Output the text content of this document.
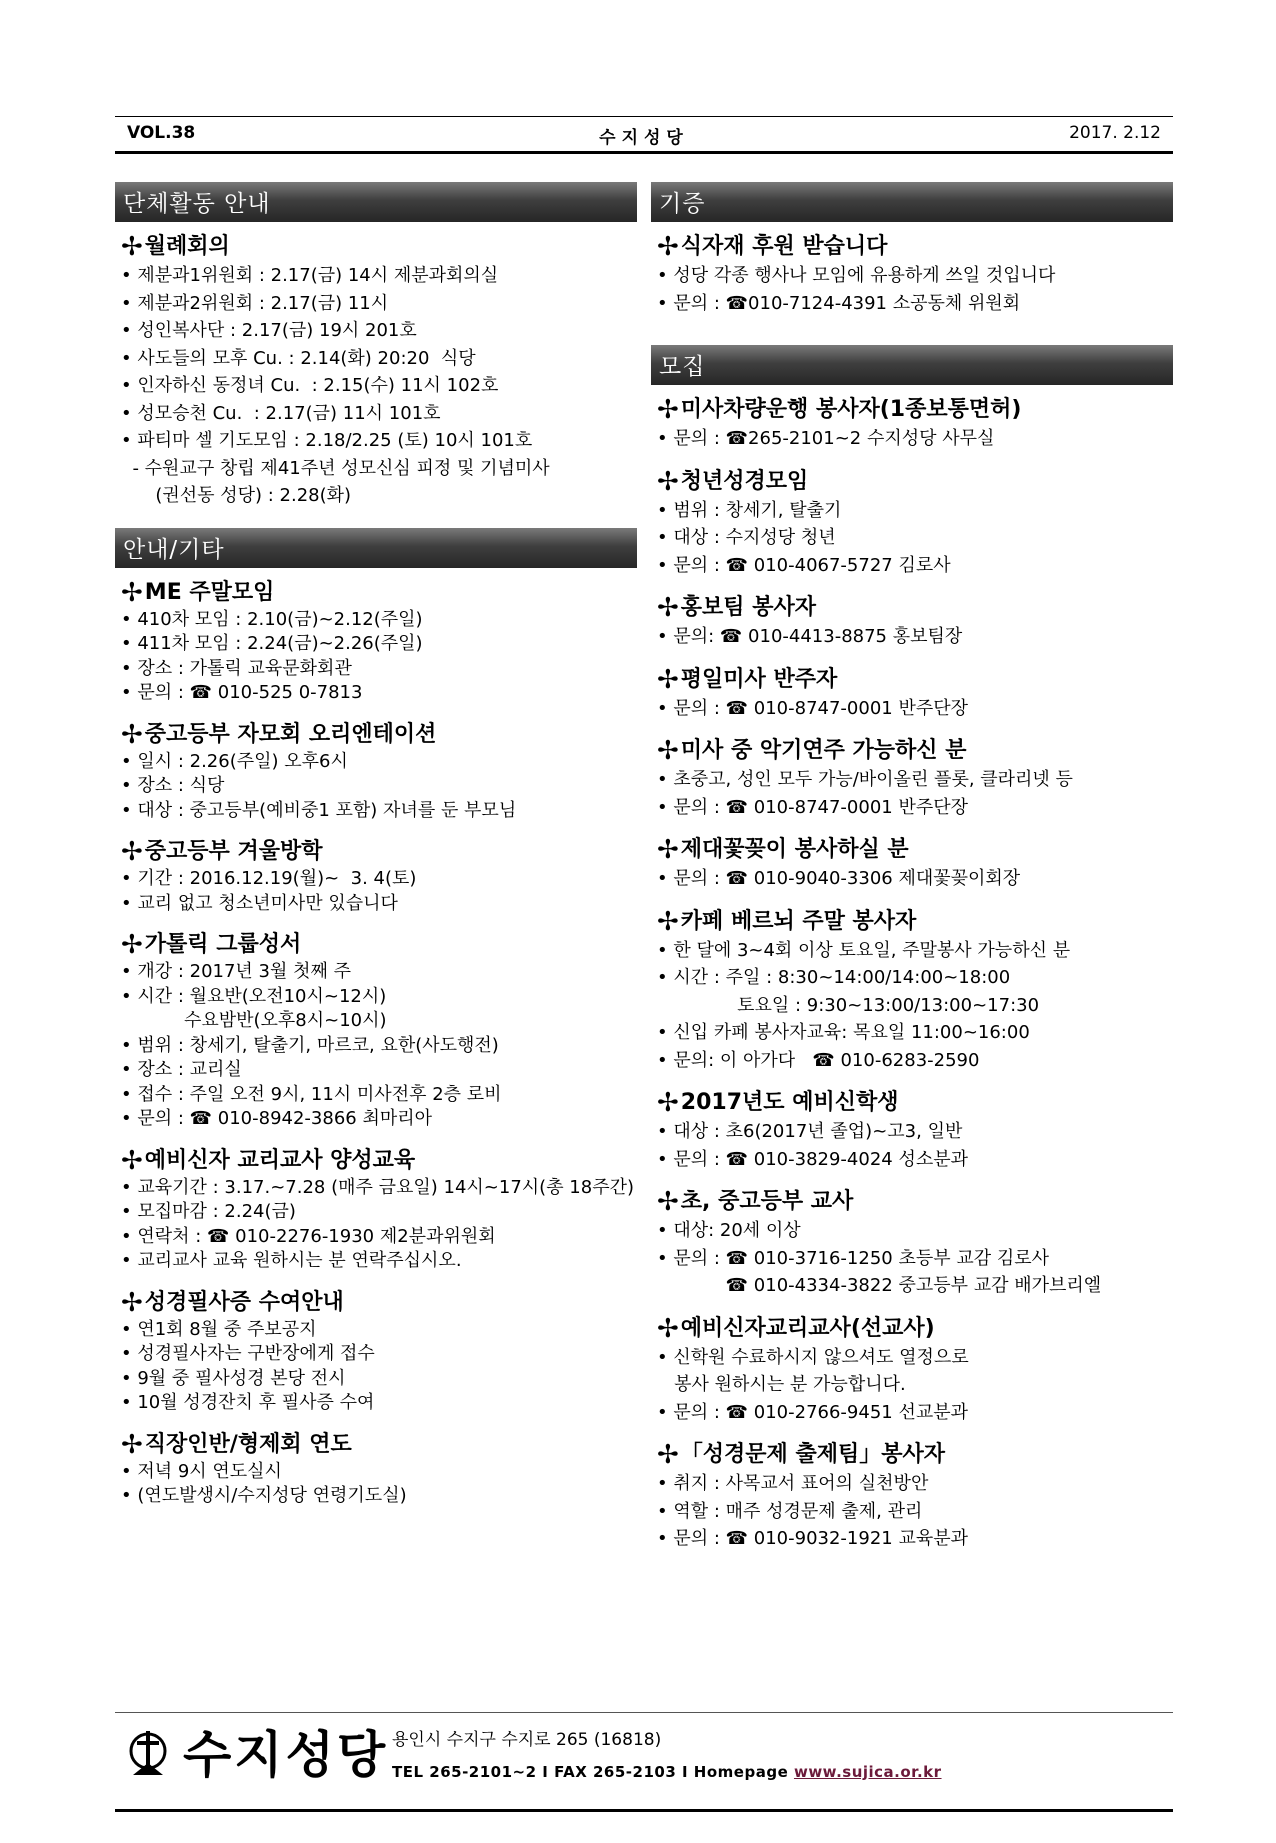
VOL.38	수지성당	2017. 2.12
단체활동 안내
✢ 월례회의
• 제분과1위원회 : 2.17(금) 14시 제분과회의실
• 제분과2위원회 : 2.17(금) 11시
• 성인복사단 : 2.17(금) 19시 201호
• 사도들의 모후 Cu. : 2.14(화) 20:20  식당
• 인자하신 동정녀 Cu.  : 2.15(수) 11시 102호
• 성모승천 Cu.  : 2.17(금) 11시 101호
• 파티마 셀 기도모임 : 2.18/2.25 (토) 10시 101호
- 수원교구 창립 제41주년 성모신심 피정 및 기념미사
(권선동 성당) : 2.28(화)
안내/기타
✢ ME 주말모임
• 410차 모임 : 2.10(금)~2.12(주일)
• 411차 모임 : 2.24(금)~2.26(주일)
• 장소 : 가톨릭 교육문화회관
• 문의 : ☎ 010-525 0-7813
✢ 중고등부 자모회 오리엔테이션
• 일시 : 2.26(주일) 오후6시
• 장소 : 식당
• 대상 : 중고등부(예비중1 포함) 자녀를 둔 부모님
✢ 중고등부 겨울방학
• 기간 : 2016.12.19(월)~  3. 4(토)
• 교리 없고 청소년미사만 있습니다
✢ 가톨릭 그룹성서
• 개강 : 2017년 3월 첫째 주
• 시간 : 월요반(오전10시~12시)
수요밤반(오후8시~10시)
• 범위 : 창세기, 탈출기, 마르코, 요한(사도행전)
• 장소 : 교리실
• 접수 : 주일 오전 9시, 11시 미사전후 2층 로비
• 문의 : ☎ 010-8942-3866 최마리아
✢ 예비신자 교리교사 양성교육
• 교육기간 : 3.17.~7.28 (매주 금요일) 14시~17시(총 18주간)
• 모집마감 : 2.24(금)
• 연락처 : ☎ 010-2276-1930 제2분과위원회
• 교리교사 교육 원하시는 분 연락주십시오.
✢ 성경필사증 수여안내
• 연1회 8월 중 주보공지
• 성경필사자는 구반장에게 접수
• 9월 중 필사성경 본당 전시
• 10월 성경잔치 후 필사증 수여
✢ 직장인반/형제회 연도
• 저녁 9시 연도실시
• (연도발생시/수지성당 연령기도실)
기증
✢ 식자재 후원 받습니다
• 성당 각종 행사나 모임에 유용하게 쓰일 것입니다
• 문의 : ☎010-7124-4391 소공동체 위원회
모집
✢ 미사차량운행 봉사자(1종보통면허)
• 문의 : ☎265-2101~2 수지성당 사무실
✢ 청년성경모임
• 범위 : 창세기, 탈출기
• 대상 : 수지성당 청년
• 문의 : ☎ 010-4067-5727 김로사
✢ 홍보팀 봉사자
• 문의: ☎ 010-4413-8875 홍보팀장
✢ 평일미사 반주자
• 문의 : ☎ 010-8747-0001 반주단장
✢ 미사 중 악기연주 가능하신 분
• 초중고, 성인 모두 가능/바이올린 플롯, 클라리넷 등
• 문의 : ☎ 010-8747-0001 반주단장
✢ 제대꽃꽂이 봉사하실 분
• 문의 : ☎ 010-9040-3306 제대꽃꽂이회장
✢ 카페 베르뇌 주말 봉사자
• 한 달에 3~4회 이상 토요일, 주말봉사 가능하신 분
• 시간 : 주일 : 8:30~14:00/14:00~18:00
토요일 : 9:30~13:00/13:00~17:30
• 신입 카페 봉사자교육: 목요일 11:00~16:00
• 문의: 이 아가다   ☎ 010-6283-2590
✢ 2017년도 예비신학생
• 대상 : 초6(2017년 졸업)~고3, 일반
• 문의 : ☎ 010-3829-4024 성소분과
✢ 초, 중고등부 교사
• 대상: 20세 이상
• 문의 : ☎ 010-3716-1250 초등부 교감 김로사
☎ 010-4334-3822 중고등부 교감 배가브리엘
✢ 예비신자교리교사(선교사)
• 신학원 수료하시지 않으셔도 열정으로
봉사 원하시는 분 가능합니다.
• 문의 : ☎ 010-2766-9451 선교분과
✢ 「성경문제 출제팀」봉사자
• 취지 : 사목교서 표어의 실천방안
• 역할 : 매주 성경문제 출제, 관리
• 문의 : ☎ 010-9032-1921 교육분과
수지성당 용인시 수지구 수지로 265 (16818)
TEL 265-2101~2 I FAX 265-2103 I Homepage www.sujica.or.kr
